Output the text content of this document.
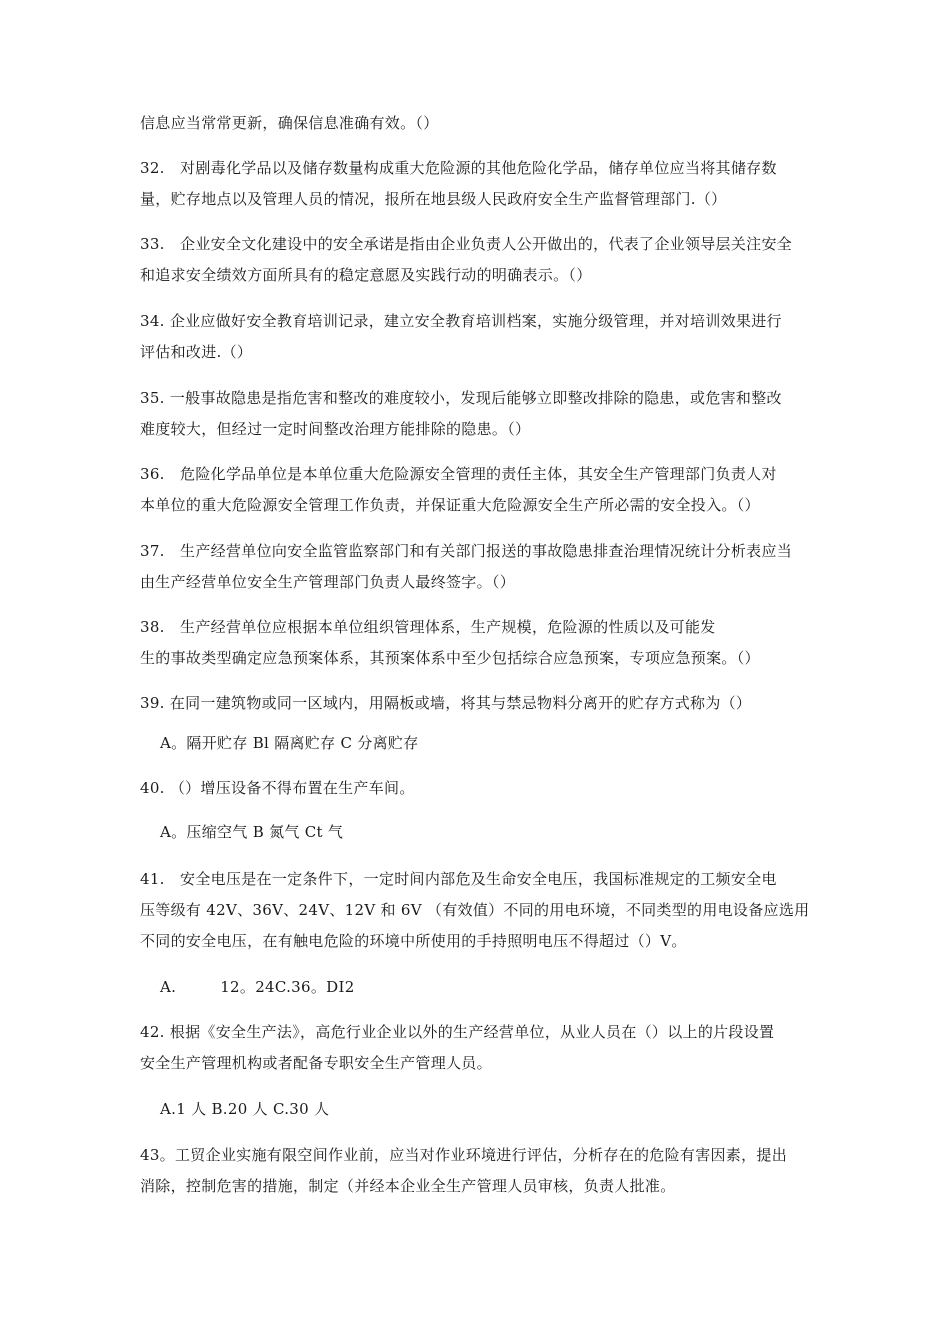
信息应当常常更新，确保信息准确有效。（）
32.　对剧毒化学品以及储存数量构成重大危险源的其他危险化学品，储存单位应当将其储存数
量，贮存地点以及管理人员的情况，报所在地县级人民政府安全生产监督管理部门.（）
33.　企业安全文化建设中的安全承诺是指由企业负责人公开做出的，代表了企业领导层关注安全
和追求安全绩效方面所具有的稳定意愿及实践行动的明确表示。（）
34. 企业应做好安全教育培训记录，建立安全教育培训档案，实施分级管理，并对培训效果进行
评估和改进.（）
35. 一般事故隐患是指危害和整改的难度较小，发现后能够立即整改排除的隐患，或危害和整改
难度较大，但经过一定时间整改治理方能排除的隐患。（）
36.　危险化学品单位是本单位重大危险源安全管理的责任主体，其安全生产管理部门负责人对
本单位的重大危险源安全管理工作负责，并保证重大危险源安全生产所必需的安全投入。（）
37.　生产经营单位向安全监管监察部门和有关部门报送的事故隐患排查治理情况统计分析表应当
由生产经营单位安全生产管理部门负责人最终签字。（）
38.　生产经营单位应根据本单位组织管理体系，生产规模，危险源的性质以及可能发
生的事故类型确定应急预案体系，其预案体系中至少包括综合应急预案，专项应急预案。（）
39. 在同一建筑物或同一区域内，用隔板或墙，将其与禁忌物料分离开的贮存方式称为（）
A。隔开贮存 Bl 隔离贮存 C 分离贮存
40. （）增压设备不得布置在生产车间。
A。压缩空气 B 氮气 Ct 气
41.　安全电压是在一定条件下，一定时间内部危及生命安全电压，我国标准规定的工频安全电
压等级有 42V、36V、24V、12V 和 6V （有效值）不同的用电环境，不同类型的用电设备应选用
不同的安全电压，在有触电危险的环境中所使用的手持照明电压不得超过（）V。
A.	12。24C.36。DI2
42. 根据《安全生产法》，高危行业企业以外的生产经营单位，从业人员在（）以上的片段设置
安全生产管理机构或者配备专职安全生产管理人员。
A.1 人 B.20 人 C.30 人
43。工贸企业实施有限空间作业前，应当对作业环境进行评估，分析存在的危险有害因素，提出
消除，控制危害的措施，制定（并经本企业全生产管理人员审核，负责人批准。
